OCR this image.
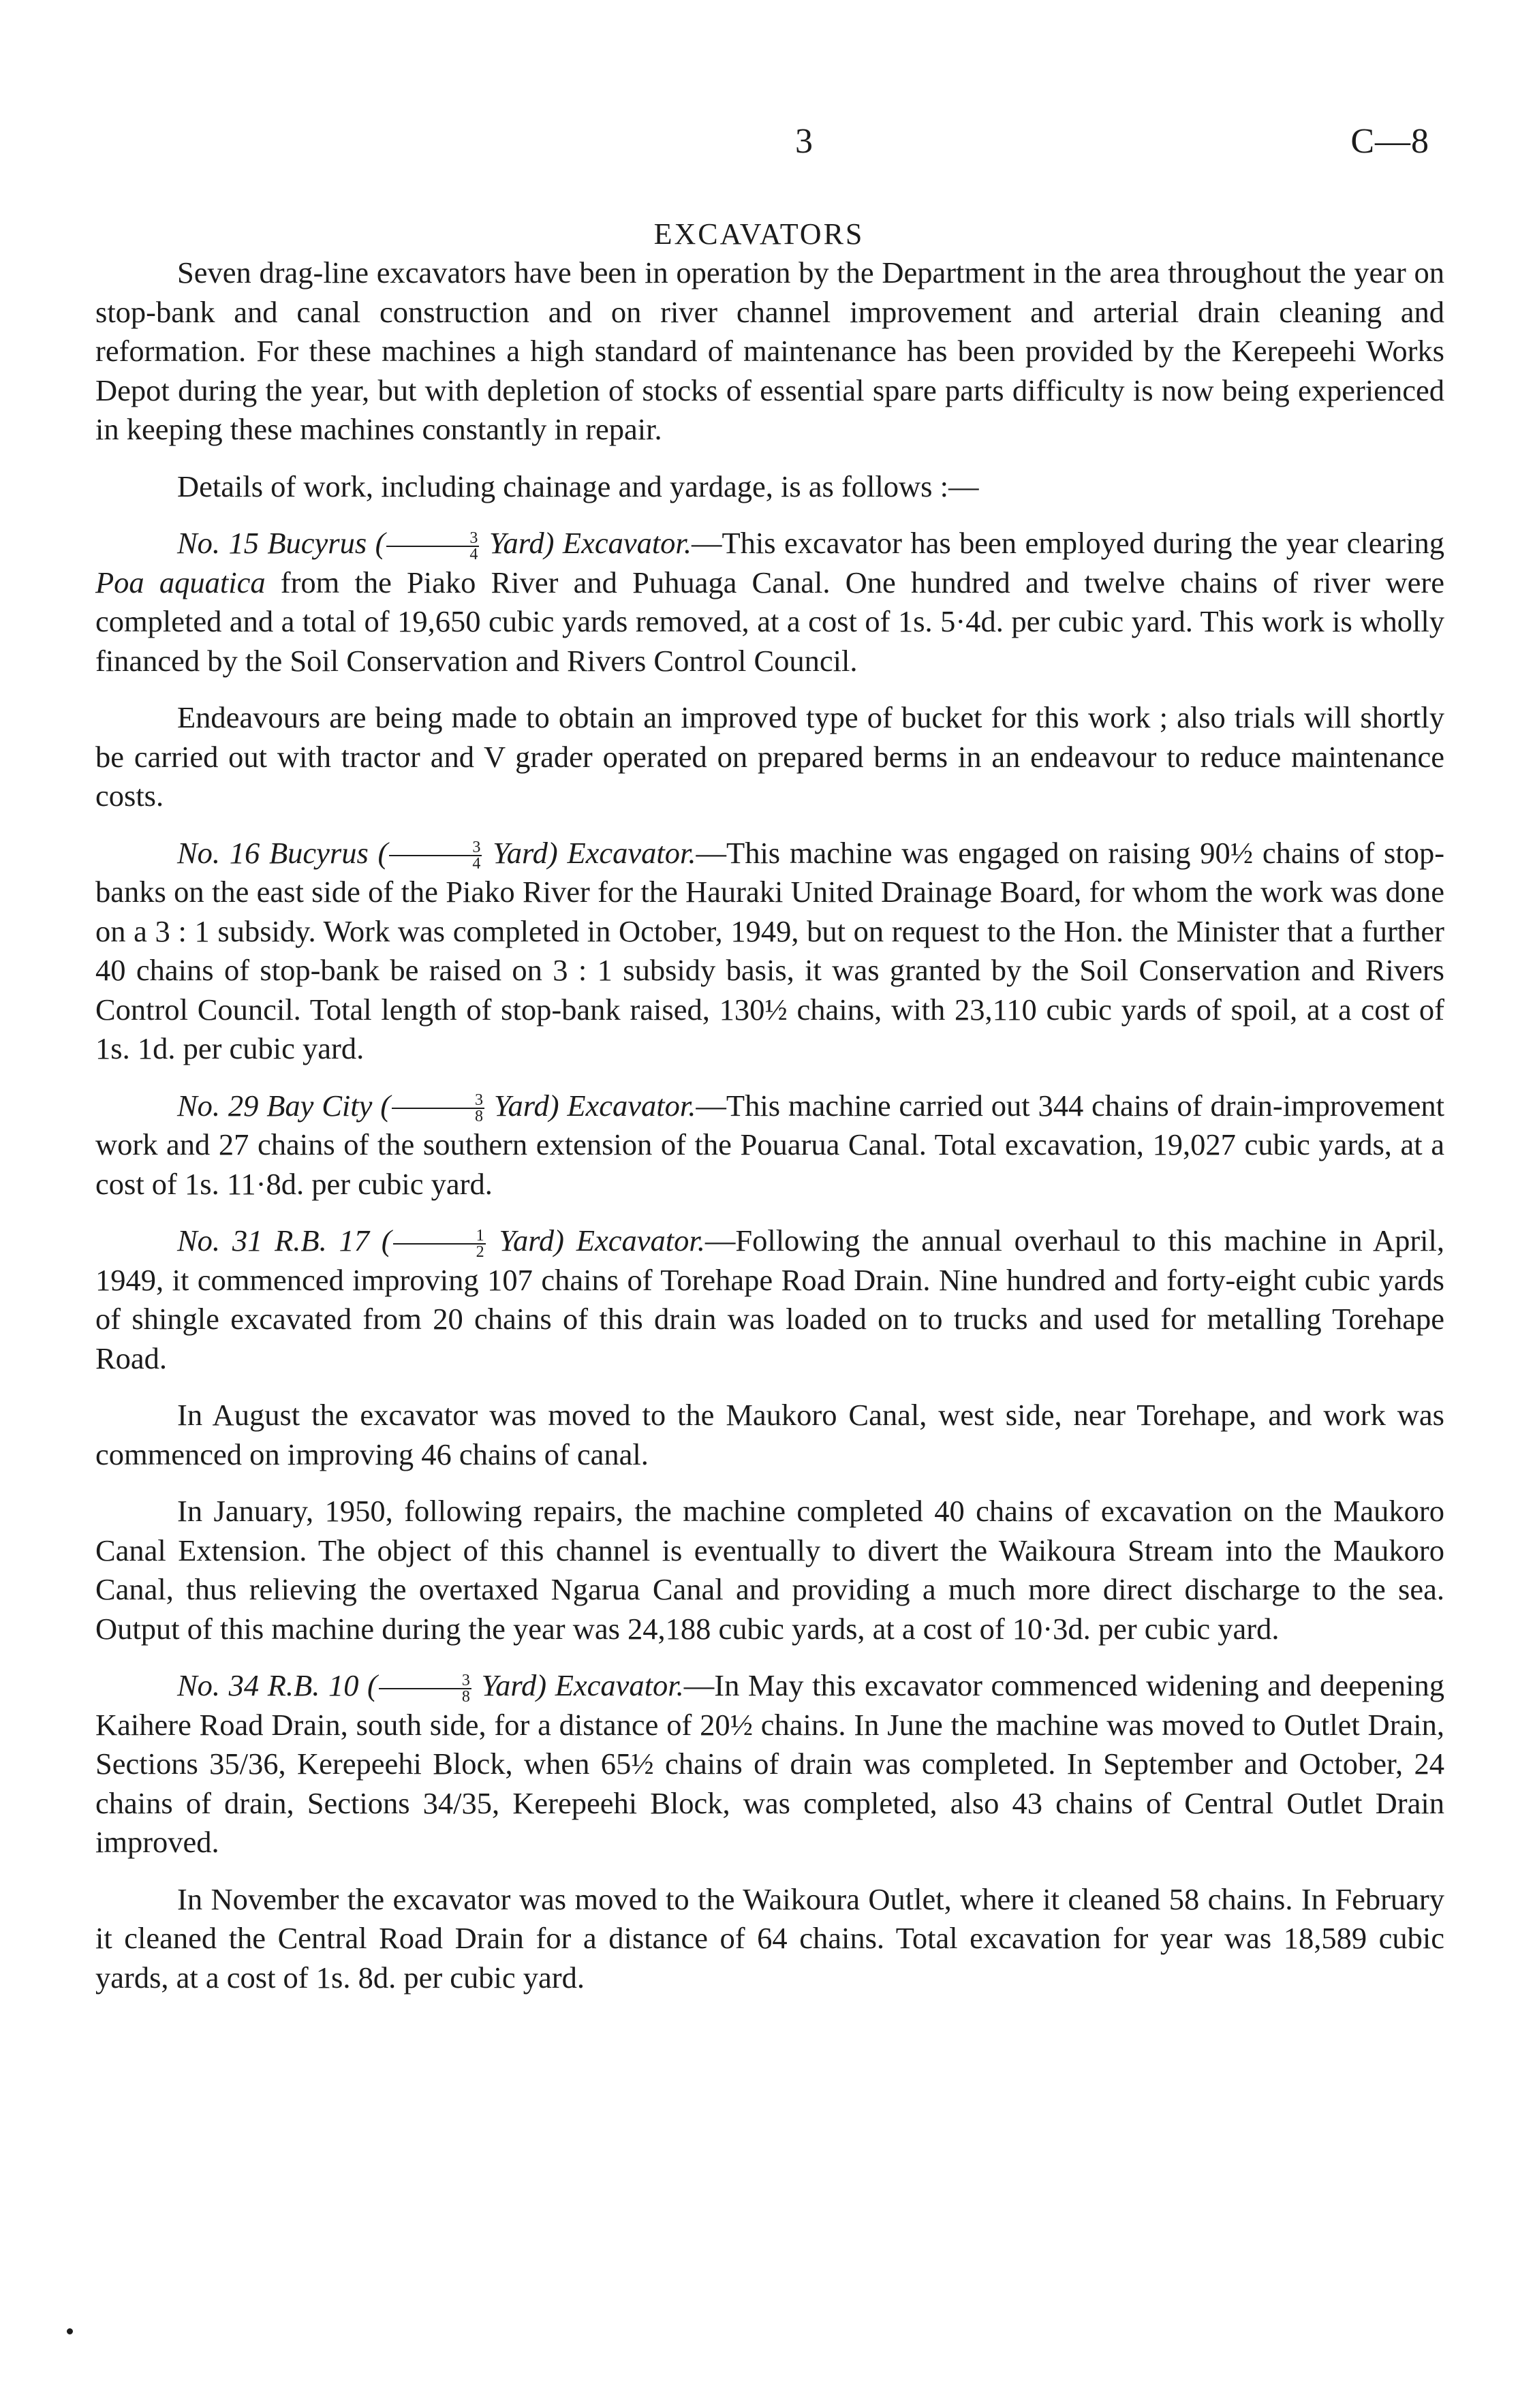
3	C—8
EXCAVATORS

Seven drag-line excavators have been in operation by the Department in the area throughout the year on stop-bank and canal construction and on river channel improvement and arterial drain cleaning and reformation. For these machines a high standard of maintenance has been provided by the Kerepeehi Works Depot during the year, but with depletion of stocks of essential spare parts difficulty is now being experienced in keeping these machines constantly in repair.

Details of work, including chainage and yardage, is as follows :—

No. 15 Bucyrus ( $\frac{3}{4}$ Yard) Excavator.—This excavator has been employed during the year clearing Poa aquatica from the Piako River and Puhuaga Canal. One hundred and twelve chains of river were completed and a total of 19,650 cubic yards removed, at a cost of 1s. 5·4d. per cubic yard. This work is wholly financed by the Soil Conservation and Rivers Control Council.

Endeavours are being made to obtain an improved type of bucket for this work ; also trials will shortly be carried out with tractor and V grader operated on prepared berms in an endeavour to reduce maintenance costs.

No. 16 Bucyrus ( $\frac{3}{4}$ Yard) Excavator.—This machine was engaged on raising 90½ chains of stop-banks on the east side of the Piako River for the Hauraki United Drainage Board, for whom the work was done on a 3 : 1 subsidy. Work was completed in October, 1949, but on request to the Hon. the Minister that a further 40 chains of stop-bank be raised on 3 : 1 subsidy basis, it was granted by the Soil Conservation and Rivers Control Council. Total length of stop-bank raised, 130½ chains, with 23,110 cubic yards of spoil, at a cost of 1s. 1d. per cubic yard.

No. 29 Bay City ( $\frac{3}{8}$ Yard) Excavator.—This machine carried out 344 chains of drain-improvement work and 27 chains of the southern extension of the Pouarua Canal. Total excavation, 19,027 cubic yards, at a cost of 1s. 11·8d. per cubic yard.

No. 31 R.B. 17 ( $\frac{1}{2}$ Yard) Excavator.—Following the annual overhaul to this machine in April, 1949, it commenced improving 107 chains of Torehape Road Drain. Nine hundred and forty-eight cubic yards of shingle excavated from 20 chains of this drain was loaded on to trucks and used for metalling Torehape Road.

In August the excavator was moved to the Maukoro Canal, west side, near Torehape, and work was commenced on improving 46 chains of canal.

In January, 1950, following repairs, the machine completed 40 chains of excavation on the Maukoro Canal Extension. The object of this channel is eventually to divert the Waikoura Stream into the Maukoro Canal, thus relieving the overtaxed Ngarua Canal and providing a much more direct discharge to the sea. Output of this machine during the year was 24,188 cubic yards, at a cost of 10·3d. per cubic yard.

No. 34 R.B. 10 ( $\frac{3}{8}$ Yard) Excavator.—In May this excavator commenced widening and deepening Kaihere Road Drain, south side, for a distance of 20½ chains. In June the machine was moved to Outlet Drain, Sections 35/36, Kerepeehi Block, when 65½ chains of drain was completed. In September and October, 24 chains of drain, Sections 34/35, Kerepeehi Block, was completed, also 43 chains of Central Outlet Drain improved.

In November the excavator was moved to the Waikoura Outlet, where it cleaned 58 chains. In February it cleaned the Central Road Drain for a distance of 64 chains. Total excavation for year was 18,589 cubic yards, at a cost of 1s. 8d. per cubic yard.
